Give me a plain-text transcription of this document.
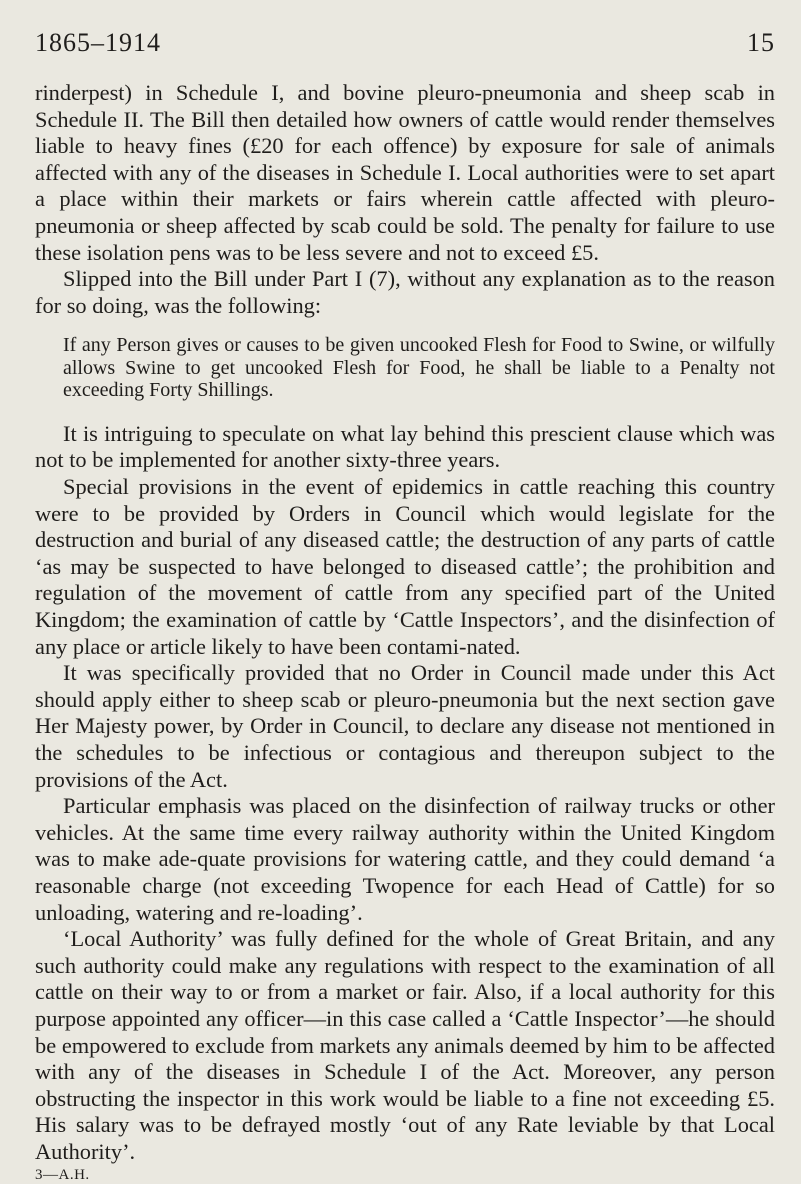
1865–1914	15

rinderpest) in Schedule I, and bovine pleuro-pneumonia and sheep scab in Schedule II. The Bill then detailed how owners of cattle would render themselves liable to heavy fines (£20 for each offence) by exposure for sale of animals affected with any of the diseases in Schedule I. Local authorities were to set apart a place within their markets or fairs wherein cattle affected with pleuro-pneumonia or sheep affected by scab could be sold. The penalty for failure to use these isolation pens was to be less severe and not to exceed £5.

Slipped into the Bill under Part I (7), without any explanation as to the reason for so doing, was the following:

If any Person gives or causes to be given uncooked Flesh for Food to Swine, or wilfully allows Swine to get uncooked Flesh for Food, he shall be liable to a Penalty not exceeding Forty Shillings.

It is intriguing to speculate on what lay behind this prescient clause which was not to be implemented for another sixty-three years.

Special provisions in the event of epidemics in cattle reaching this country were to be provided by Orders in Council which would legislate for the destruction and burial of any diseased cattle; the destruction of any parts of cattle ‘as may be suspected to have belonged to diseased cattle’; the prohibition and regulation of the movement of cattle from any specified part of the United Kingdom; the examination of cattle by ‘Cattle Inspectors’, and the disinfection of any place or article likely to have been contami-nated.

It was specifically provided that no Order in Council made under this Act should apply either to sheep scab or pleuro-pneumonia but the next section gave Her Majesty power, by Order in Council, to declare any disease not mentioned in the schedules to be infectious or contagious and thereupon subject to the provisions of the Act.

Particular emphasis was placed on the disinfection of railway trucks or other vehicles. At the same time every railway authority within the United Kingdom was to make ade-quate provisions for watering cattle, and they could demand ‘a reasonable charge (not exceeding Twopence for each Head of Cattle) for so unloading, watering and re-loading’.

‘Local Authority’ was fully defined for the whole of Great Britain, and any such authority could make any regulations with respect to the examination of all cattle on their way to or from a market or fair. Also, if a local authority for this purpose appointed any officer—in this case called a ‘Cattle Inspector’—he should be empowered to exclude from markets any animals deemed by him to be affected with any of the diseases in Schedule I of the Act. Moreover, any person obstructing the inspector in this work would be liable to a fine not exceeding £5. His salary was to be defrayed mostly ‘out of any Rate leviable by that Local Authority’.

3—A.H.
